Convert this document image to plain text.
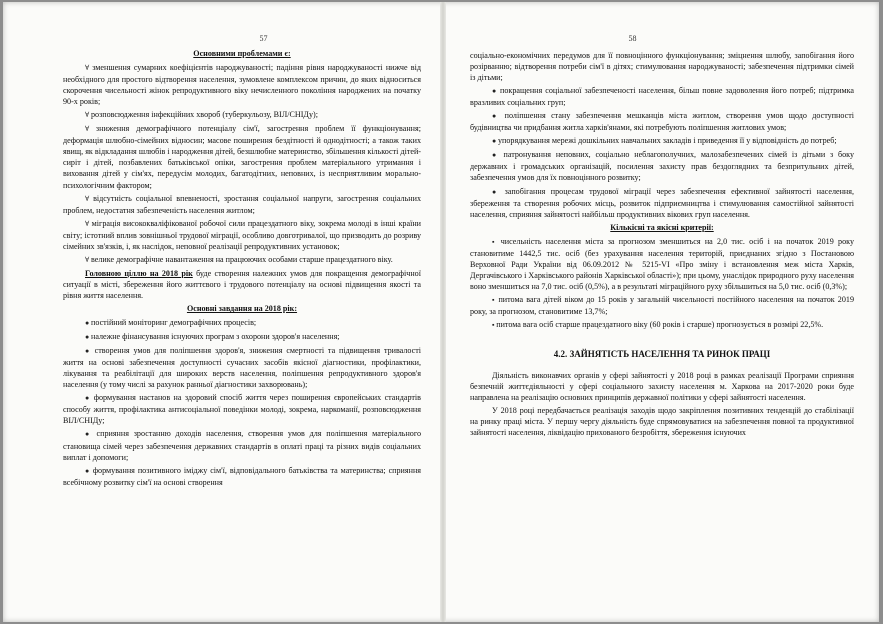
57
Основними проблемами є:

∀ зменшення сумарних коефіцієнтів народжуваності; падіння рівня народжуваності нижче від необхідного для простого відтворення населення, зумовлене комплексом причин, до яких відноситься скорочення чисельності жінок репродуктивного віку нечисленного покоління народжених на початку 90-х років;

∀ розповсюдження інфекційних хвороб (туберкульозу, ВІЛ/СНІДу);

∀ зниження демографічного потенціалу сім'ї, загострення проблем її функціонування; деформація шлюбно-сімейних відносин; масове поширення бездітності й однодітності; а також таких явищ, як відкладання шлюбів і народження дітей, безшлюбне материнство, збільшення кількості дітей-сиріт і дітей, позбавлених батьківської опіки, загострення проблем матеріального утримання і виховання дітей у сім'ях, передусім молодих, багатодітних, неповних, із несприятливим морально-психологічним фактором;

∀ відсутність соціальної впевненості, зростання соціальної напруги, загострення соціальних проблем, недостатня забезпеченість населення житлом;

∀ міграція висококваліфікованої робочої сили працездатного віку, зокрема молоді в інші країни світу; істотний вплив зовнішньої трудової міграції, особливо довготривалої, що призводить до розриву сімейних зв'язків, і, як наслідок, неповної реалізації репродуктивних установок;

∀ велике демографічне навантаження на працюючих особами старше працездатного віку.

Головною ціллю на 2018 рік буде створення належних умов для покращення демографічної ситуації в місті, збереження його життєвого і трудового потенціалу на основі підвищення якості та рівня життя населення.

Основні завдання на 2018 рік:

● постійний моніторинг демографічних процесів;

● належне фінансування існуючих програм з охорони здоров'я населення;

● створення умов для поліпшення здоров'я, зниження смертності та підвищення тривалості життя на основі забезпечення доступності сучасних засобів якісної діагностики, профілактики, лікування та реабілітації для широких верств населення, поліпшення репродуктивного здоров'я населення (у тому числі за рахунок ранньої діагностики захворювань);

● формування настанов на здоровий спосіб життя через поширення європейських стандартів способу життя, профілактика антисоціальної поведінки молоді, зокрема, наркоманії, розповсюдження ВІЛ/СНІДу;

● сприяння зростанню доходів населення, створення умов для поліпшення матеріального становища сімей через забезпечення державних стандартів в оплаті праці та різних видів соціальних виплат і допомоги;

● формування позитивного іміджу сім'ї, відповідального батьківства та материнства; сприяння всебічному розвитку сім'ї на основі створення

58

соціально-економічних передумов для її повноцінного функціонування; зміцнення шлюбу, запобігання його розірванню; відтворення потреби сім'ї в дітях; стимулювання народжуваності; забезпечення підтримки сімей із дітьми;

● покращення соціальної забезпеченості населення, більш повне задоволення його потреб; підтримка вразливих соціальних груп;

● поліпшення стану забезпечення мешканців міста житлом, створення умов щодо доступності будівництва чи придбання житла харків'янами, які потребують поліпшення житлових умов;

● упорядкування мережі дошкільних навчальних закладів і приведення її у відповідність до потреб;

● патронування неповних, соціально неблагополучних, малозабезпечених сімей із дітьми з боку державних і громадських організацій, посилення захисту прав бездоглядних та безпритульних дітей, забезпечення умов для їх повноцінного розвитку;

● запобігання процесам трудової міграції через забезпечення ефективної зайнятості населення, збереження та створення робочих місць, розвиток підприємництва і стимулювання самостійної зайнятості населення, сприяння зайнятості найбільш продуктивних вікових груп населення.

Кількісні та якісні критерії:

▪ чисельність населення міста за прогнозом зменшиться на 2,0 тис. осіб і на початок 2019 року становитиме 1442,5 тис. осіб (без урахування населення територій, приєднаних згідно з Постановою Верховної Ради України від 06.09.2012 № 5215-VI «Про зміну і встановлення меж міста Харків, Дергачівського і Харківського районів Харківської області»); при цьому, унаслідок природного руху населення воно зменшиться на 7,0 тис. осіб (0,5%), а в результаті міграційного руху збільшиться на 5,0 тис. осіб (0,3%);

▪ питома вага дітей віком до 15 років у загальній чисельності постійного населення на початок 2019 року, за прогнозом, становитиме 13,7%;

▪ питома вага осіб старше працездатного віку (60 років і старше) прогнозується в розмірі 22,5%.

4.2. ЗАЙНЯТІСТЬ НАСЕЛЕННЯ ТА РИНОК ПРАЦІ

Діяльність виконавчих органів у сфері зайнятості у 2018 році в рамках реалізації Програми сприяння безпечній життєдіяльності у сфері соціального захисту населення м. Харкова на 2017-2020 роки буде направлена на реалізацію основних принципів державної політики у сфері зайнятості населення.

У 2018 році передбачається реалізація заходів щодо закріплення позитивних тенденцій до стабілізації на ринку праці міста. У першу чергу діяльність буде спрямовуватися на забезпечення повної та продуктивної зайнятості населення, ліквідацію прихованого безробіття, збереження існуючих
